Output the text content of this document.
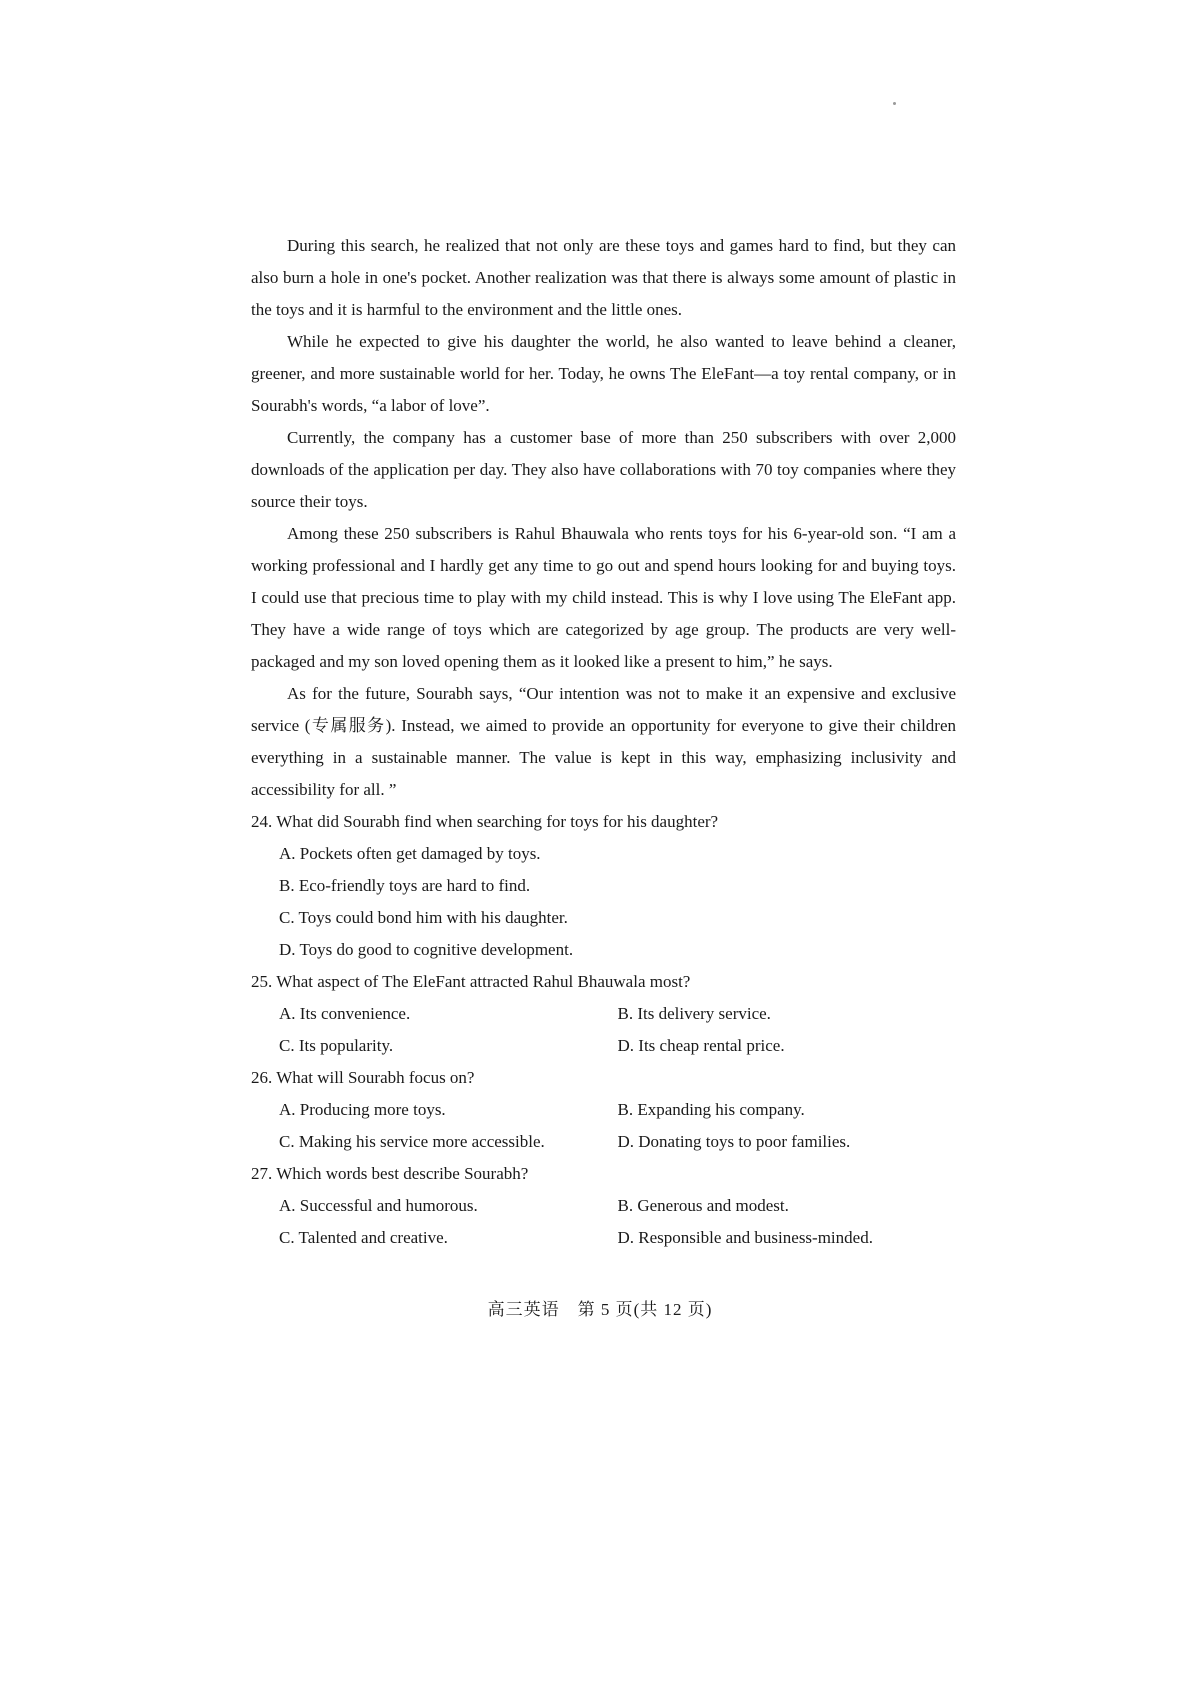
During this search, he realized that not only are these toys and games hard to find, but they can also burn a hole in one's pocket. Another realization was that there is always some amount of plastic in the toys and it is harmful to the environment and the little ones.

While he expected to give his daughter the world, he also wanted to leave behind a cleaner, greener, and more sustainable world for her. Today, he owns The EleFant—a toy rental company, or in Sourabh's words, “a labor of love”.

Currently, the company has a customer base of more than 250 subscribers with over 2,000 downloads of the application per day. They also have collaborations with 70 toy companies where they source their toys.

Among these 250 subscribers is Rahul Bhauwala who rents toys for his 6-year-old son. “I am a working professional and I hardly get any time to go out and spend hours looking for and buying toys. I could use that precious time to play with my child instead. This is why I love using The EleFant app. They have a wide range of toys which are categorized by age group. The products are very well-packaged and my son loved opening them as it looked like a present to him,” he says.

As for the future, Sourabh says, “Our intention was not to make it an expensive and exclusive service (专属服务). Instead, we aimed to provide an opportunity for everyone to give their children everything in a sustainable manner. The value is kept in this way, emphasizing inclusivity and accessibility for all. ”

24. What did Sourabh find when searching for toys for his daughter?

A. Pockets often get damaged by toys.

B. Eco-friendly toys are hard to find.

C. Toys could bond him with his daughter.

D. Toys do good to cognitive development.

25. What aspect of The EleFant attracted Rahul Bhauwala most?

A. Its convenience.	B. Its delivery service.
C. Its popularity.	D. Its cheap rental price.

26. What will Sourabh focus on?

A. Producing more toys.	B. Expanding his company.
C. Making his service more accessible.	D. Donating toys to poor families.

27. Which words best describe Sourabh?

A. Successful and humorous.	B. Generous and modest.
C. Talented and creative.	D. Responsible and business-minded.
高三英语　第 5 页(共 12 页)
